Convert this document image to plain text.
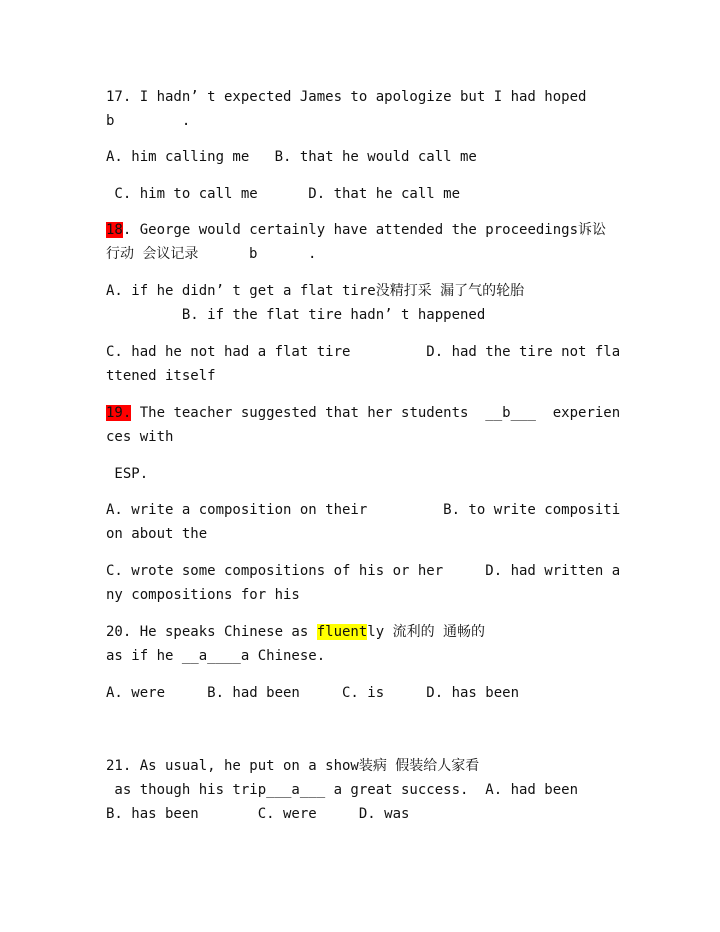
17. I hadn’ t expected James to apologize but I had hoped
b        .
A. him calling me   B. that he would call me
C. him to call me      D. that he call me
18. George would certainly have attended the proceedings诉讼
行动 会议记录      b      .
A. if he didn’ t get a flat tire没精打采 漏了气的轮胎
B. if the flat tire hadn’ t happened
C. had he not had a flat tire         D. had the tire not fla
ttened itself
19. The teacher suggested that her students  __b___  experien
ces with
ESP.
A. write a composition on their         B. to write compositi
on about the
C. wrote some compositions of his or her     D. had written a
ny compositions for his
20. He speaks Chinese as fluently 流利的 通畅的
as if he __a____a Chinese.
A. were     B. had been     C. is     D. has been
21. As usual, he put on a show装病 假装给人家看
as though his trip___a___ a great success.  A. had been
B. has been       C. were     D. was
